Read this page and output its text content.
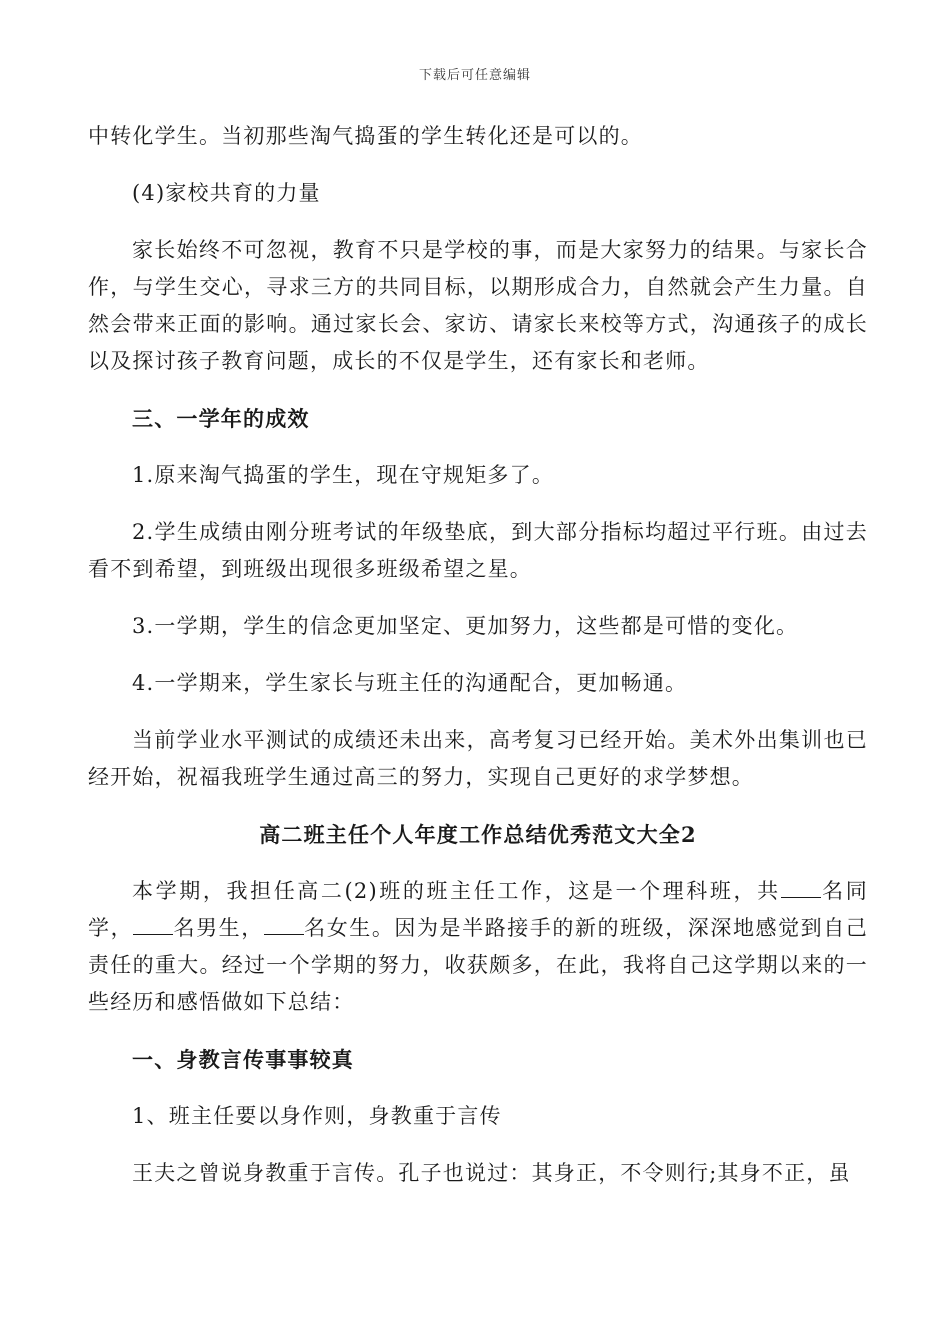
下载后可任意编辑

中转化学生。当初那些淘气捣蛋的学生转化还是可以的。

(4)家校共育的力量

家长始终不可忽视，教育不只是学校的事，而是大家努力的结果。与家长合作，与学生交心，寻求三方的共同目标，以期形成合力，自然就会产生力量。自然会带来正面的影响。通过家长会、家访、请家长来校等方式，沟通孩子的成长以及探讨孩子教育问题，成长的不仅是学生，还有家长和老师。

三、一学年的成效

1.原来淘气捣蛋的学生，现在守规矩多了。

2.学生成绩由刚分班考试的年级垫底，到大部分指标均超过平行班。由过去看不到希望，到班级出现很多班级希望之星。

3.一学期，学生的信念更加坚定、更加努力，这些都是可惜的变化。

4.一学期来，学生家长与班主任的沟通配合，更加畅通。

当前学业水平测试的成绩还未出来，高考复习已经开始。美术外出集训也已经开始，祝福我班学生通过高三的努力，实现自己更好的求学梦想。

高二班主任个人年度工作总结优秀范文大全2

本学期，我担任高二(2)班的班主任工作，这是一个理科班，共 名同学， 名男生， 名女生。因为是半路接手的新的班级，深深地感觉到自己责任的重大。经过一个学期的努力，收获颇多，在此，我将自己这学期以来的一些经历和感悟做如下总结：

一、身教言传事事较真

1、班主任要以身作则，身教重于言传

王夫之曾说身教重于言传。孔子也说过：其身正，不令则行;其身不正，虽
